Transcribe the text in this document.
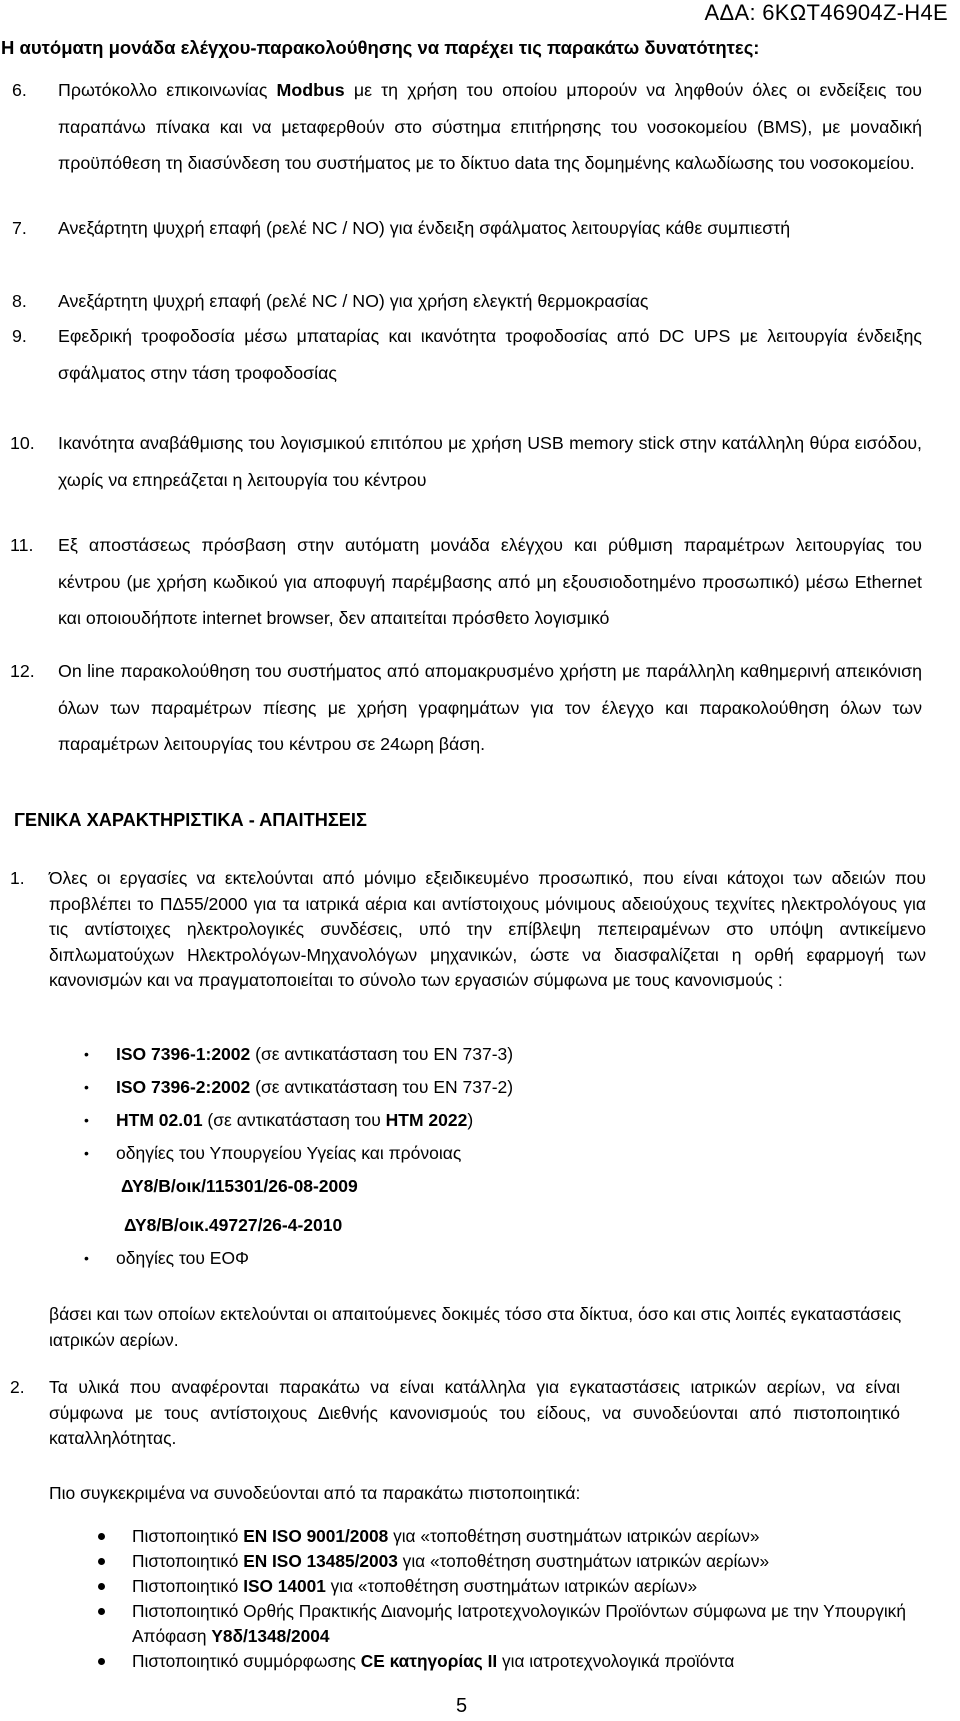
ΑΔΑ: 6ΚΩΤ46904Ζ-Η4Ε
Η αυτόματη μονάδα ελέγχου-παρακολούθησης να παρέχει τις παρακάτω δυνατότητες:
6. Πρωτόκολλο επικοινωνίας Modbus με τη χρήση του οποίου μπορούν να ληφθούν όλες οι ενδείξεις του παραπάνω πίνακα και να μεταφερθούν στο σύστημα επιτήρησης του νοσοκομείου (BMS), με μοναδική προϋπόθεση τη διασύνδεση του συστήματος με το δίκτυο data της δομημένης καλωδίωσης του νοσοκομείου.
7. Ανεξάρτητη ψυχρή επαφή (ρελέ NC / NO) για ένδειξη σφάλματος λειτουργίας κάθε συμπιεστή
8. Ανεξάρτητη ψυχρή επαφή (ρελέ NC / NO) για χρήση ελεγκτή θερμοκρασίας
9. Εφεδρική τροφοδοσία μέσω μπαταρίας και ικανότητα τροφοδοσίας από DC UPS με λειτουργία ένδειξης σφάλματος στην τάση τροφοδοσίας
10. Ικανότητα αναβάθμισης του λογισμικού επιτόπου με χρήση USB memory stick στην κατάλληλη θύρα εισόδου, χωρίς να επηρεάζεται η λειτουργία του κέντρου
11. Εξ αποστάσεως πρόσβαση στην αυτόματη μονάδα ελέγχου και ρύθμιση παραμέτρων λειτουργίας του κέντρου (με χρήση κωδικού για αποφυγή παρέμβασης από μη εξουσιοδοτημένο προσωπικό) μέσω Ethernet και οποιουδήποτε internet browser, δεν απαιτείται πρόσθετο λογισμικό
12. On line παρακολούθηση του συστήματος από απομακρυσμένο χρήστη με παράλληλη καθημερινή απεικόνιση όλων των παραμέτρων πίεσης με χρήση γραφημάτων για τον έλεγχο και παρακολούθηση όλων των παραμέτρων λειτουργίας του κέντρου σε 24ωρη βάση.
ΓΕΝΙΚΑ ΧΑΡΑΚΤΗΡΙΣΤΙΚΑ - ΑΠΑΙΤΗΣΕΙΣ
1. Όλες οι εργασίες να εκτελούνται από μόνιμο εξειδικευμένο προσωπικό, που είναι κάτοχοι των αδειών που προβλέπει το ΠΔ55/2000 για τα ιατρικά αέρια και αντίστοιχους μόνιμους αδειούχους τεχνίτες ηλεκτρολόγους για τις αντίστοιχες ηλεκτρολογικές συνδέσεις, υπό την επίβλεψη πεπειραμένων στο υπόψη αντικείμενο διπλωματούχων Ηλεκτρολόγων-Μηχανολόγων μηχανικών, ώστε να διασφαλίζεται η ορθή εφαρμογή των κανονισμών και να πραγματοποιείται το σύνολο των εργασιών σύμφωνα με τους κανονισμούς :
• ISO 7396-1:2002 (σε αντικατάσταση του EN 737-3)
• ISO 7396-2:2002 (σε αντικατάσταση του EN 737-2)
• HTM 02.01 (σε αντικατάσταση του HTM 2022)
• οδηγίες του Υπουργείου Υγείας και πρόνοιας
ΔΥ8/Β/οικ/115301/26-08-2009
ΔΥ8/Β/οικ.49727/26-4-2010
• οδηγίες του ΕΟΦ
βάσει και των οποίων εκτελούνται οι απαιτούμενες δοκιμές τόσο στα δίκτυα, όσο και στις λοιπές εγκαταστάσεις ιατρικών αερίων.
2. Τα υλικά που αναφέρονται παρακάτω να είναι κατάλληλα για εγκαταστάσεις ιατρικών αερίων, να είναι σύμφωνα με τους αντίστοιχους Διεθνής κανονισμούς του είδους, να συνοδεύονται από πιστοποιητικό καταλληλότητας.
Πιο συγκεκριμένα να συνοδεύονται από τα παρακάτω πιστοποιητικά:
Πιστοποιητικό EN ISO 9001/2008 για «τοποθέτηση συστημάτων ιατρικών αερίων»
Πιστοποιητικό EN ISO 13485/2003 για «τοποθέτηση συστημάτων ιατρικών αερίων»
Πιστοποιητικό ISO 14001 για «τοποθέτηση συστημάτων ιατρικών αερίων»
Πιστοποιητικό Ορθής Πρακτικής Διανομής Ιατροτεχνολογικών Προϊόντων σύμφωνα με την Υπουργική Απόφαση Υ8δ/1348/2004
Πιστοποιητικό συμμόρφωσης CE κατηγορίας ΙΙ για ιατροτεχνολογικά προϊόντα
5
